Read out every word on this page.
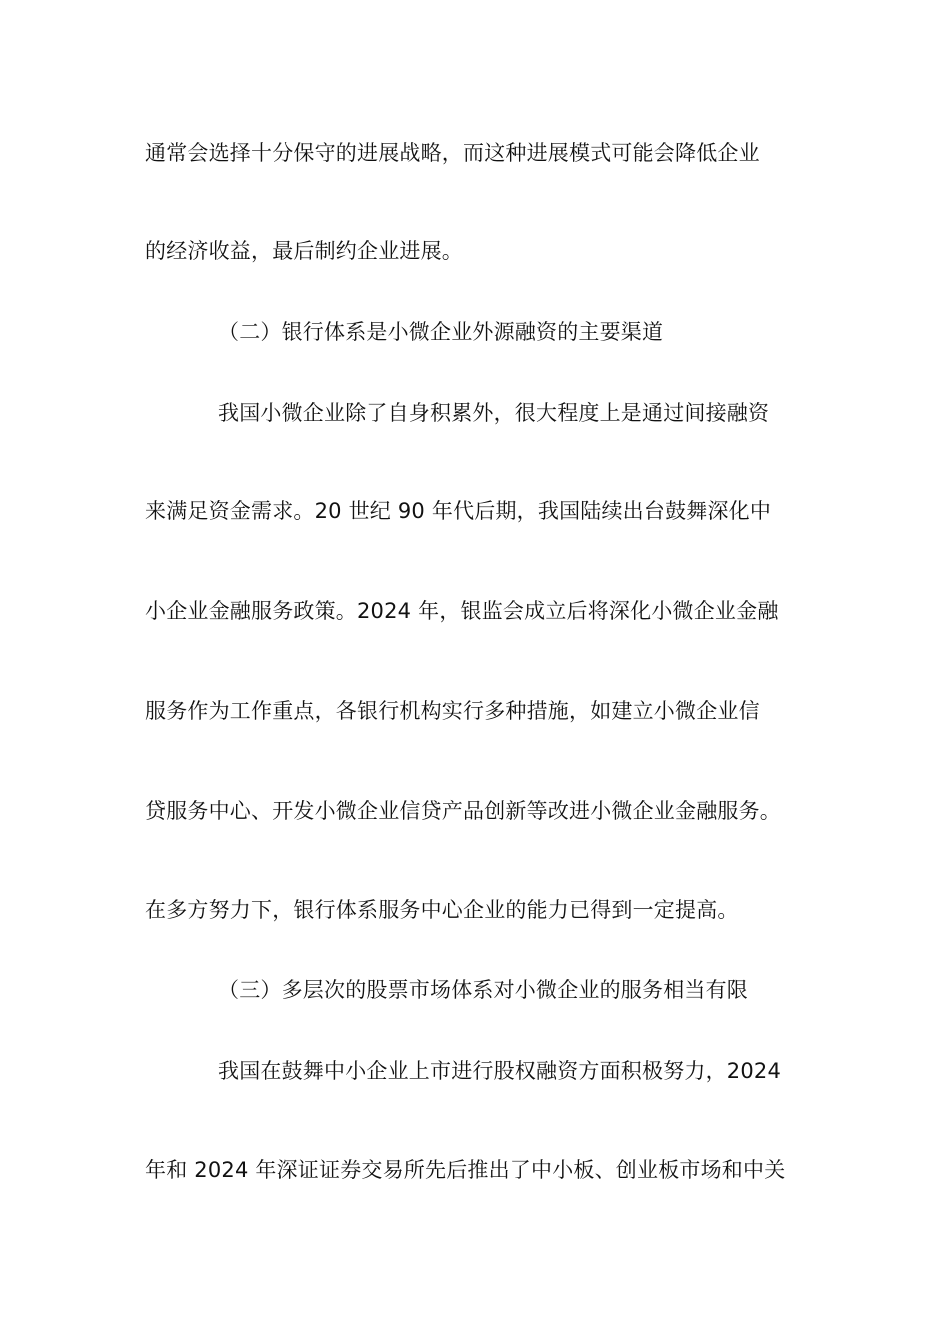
通常会选择十分保守的进展战略，而这种进展模式可能会降低企业
的经济收益，最后制约企业进展。
（二）银行体系是小微企业外源融资的主要渠道
我国小微企业除了自身积累外，很大程度上是通过间接融资
来满足资金需求。20 世纪 90 年代后期，我国陆续出台鼓舞深化中
小企业金融服务政策。2024 年，银监会成立后将深化小微企业金融
服务作为工作重点，各银行机构实行多种措施，如建立小微企业信
贷服务中心、开发小微企业信贷产品创新等改进小微企业金融服务。
在多方努力下，银行体系服务中心企业的能力已得到一定提高。
（三）多层次的股票市场体系对小微企业的服务相当有限
我国在鼓舞中小企业上市进行股权融资方面积极努力，2024
年和 2024 年深证证券交易所先后推出了中小板、创业板市场和中关
